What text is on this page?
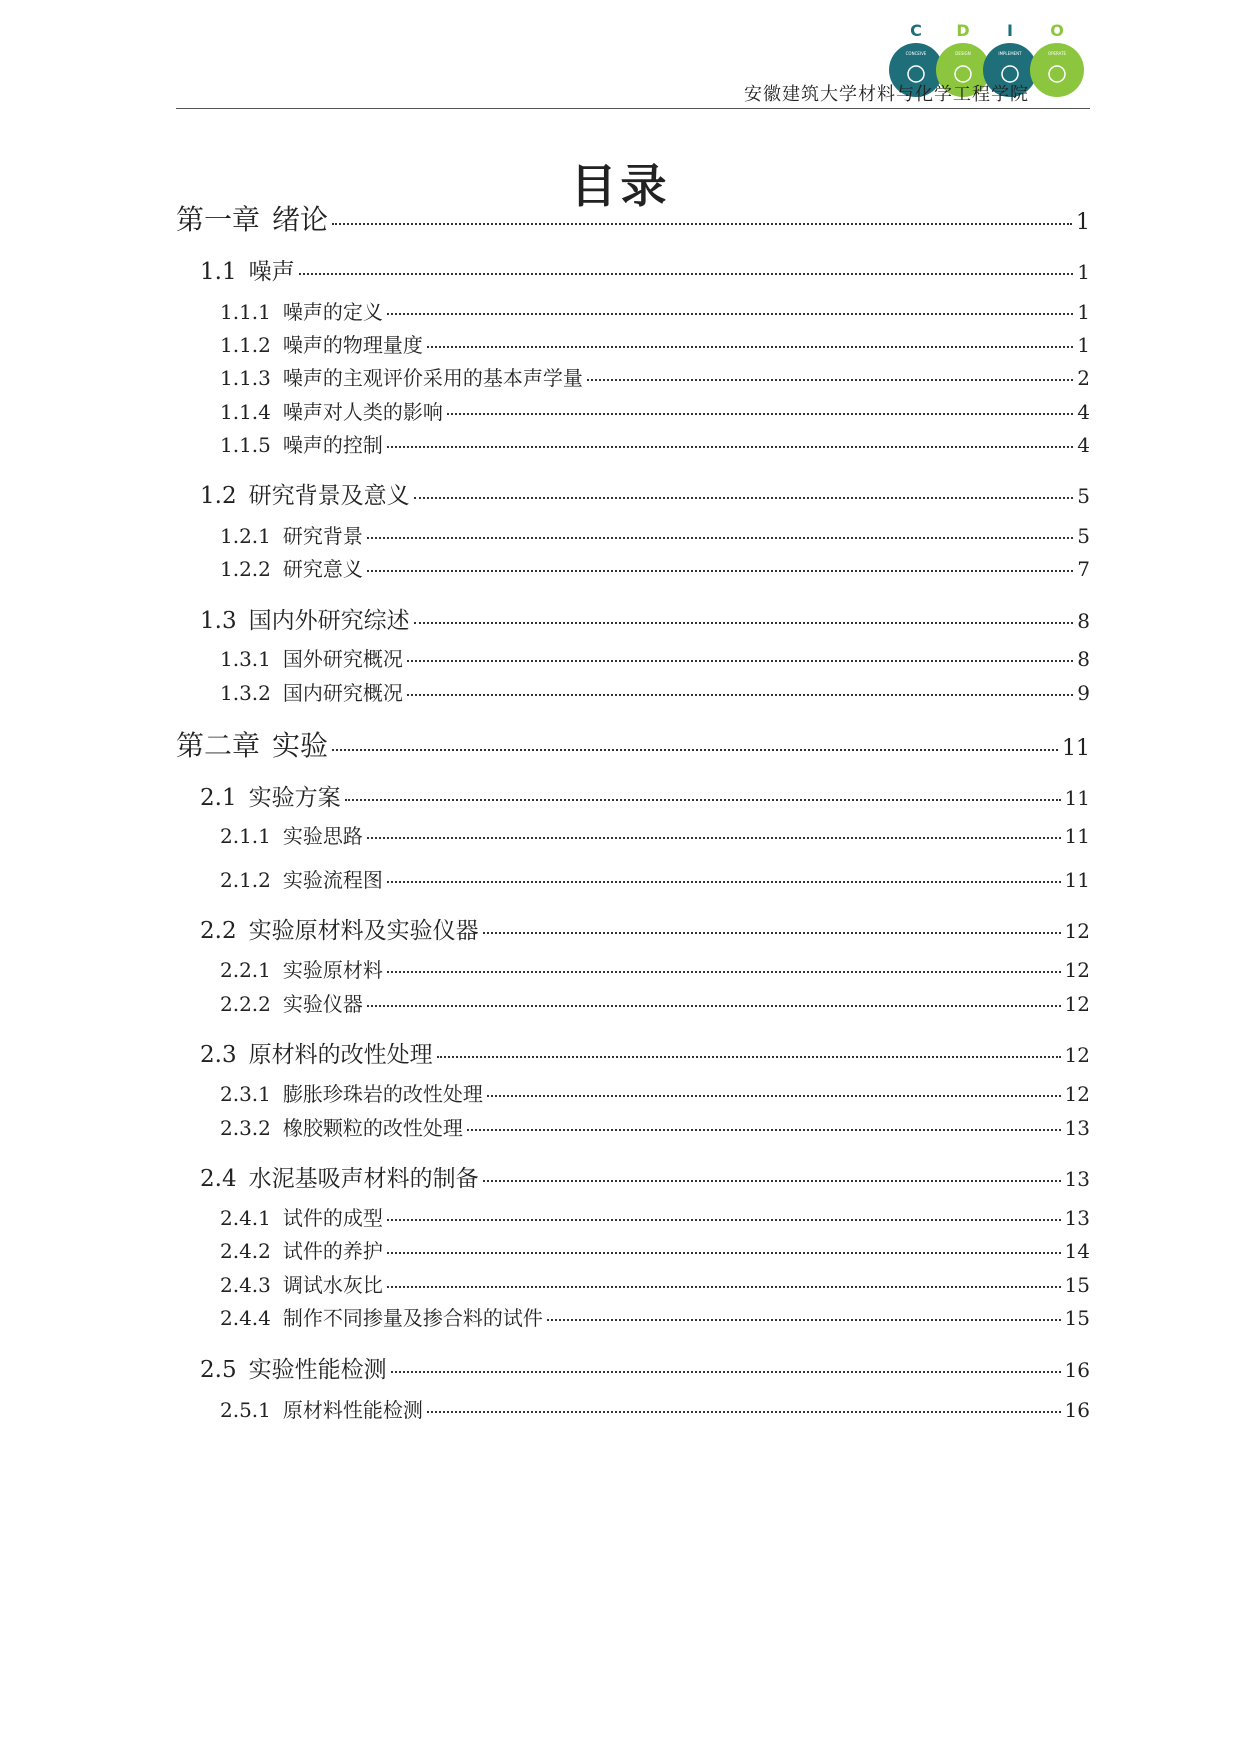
C
CONCEIVE
D
DESIGN
I
IMPLEMENT
O
OPERATE
安徽建筑大学材料与化学工程学院
目录
第一章 绪论	1
1.1 噪声	1
1.1.1 噪声的定义	1
1.1.2 噪声的物理量度	1
1.1.3 噪声的主观评价采用的基本声学量	2
1.1.4 噪声对人类的影响	4
1.1.5 噪声的控制	4
1.2 研究背景及意义	5
1.2.1 研究背景	5
1.2.2 研究意义	7
1.3 国内外研究综述	8
1.3.1 国外研究概况	8
1.3.2 国内研究概况	9
第二章 实验	11
2.1 实验方案	11
2.1.1 实验思路	11
2.1.2 实验流程图	11
2.2 实验原材料及实验仪器	12
2.2.1 实验原材料	12
2.2.2 实验仪器	12
2.3 原材料的改性处理	12
2.3.1 膨胀珍珠岩的改性处理	12
2.3.2 橡胶颗粒的改性处理	13
2.4 水泥基吸声材料的制备	13
2.4.1 试件的成型	13
2.4.2 试件的养护	14
2.4.3 调试水灰比	15
2.4.4 制作不同掺量及掺合料的试件	15
2.5 实验性能检测	16
2.5.1 原材料性能检测	16
